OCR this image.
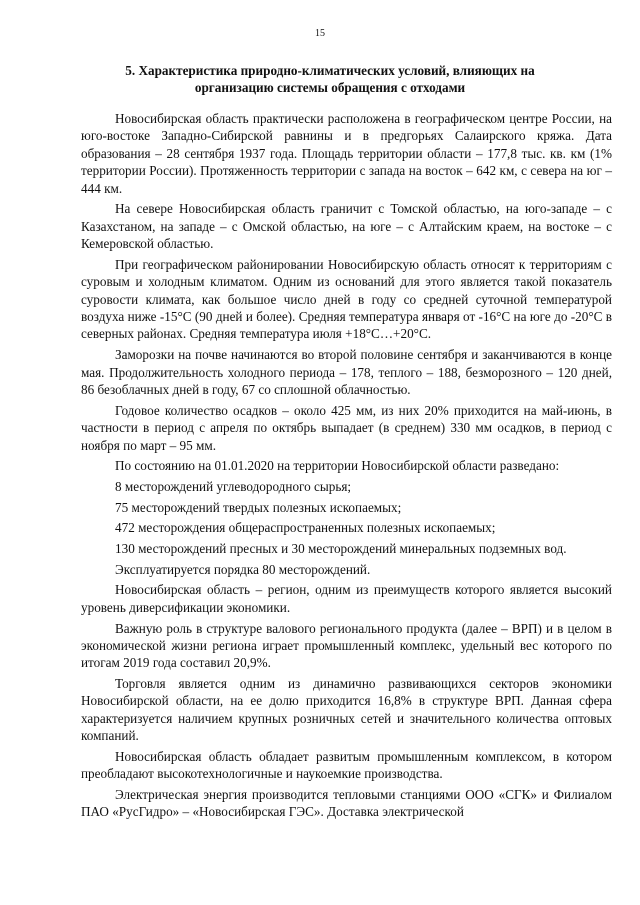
15
5. Характеристика природно-климатических условий, влияющих на
организацию системы обращения с отходами

Новосибирская область практически расположена в географическом центре России, на юго-востоке Западно-Сибирской равнины и в предгорьях Салаирского кряжа. Дата образования – 28 сентября 1937 года. Площадь территории области – 177,8 тыс. кв. км (1% территории России). Протяженность территории с запада на восток – 642 км, с севера на юг – 444 км.

На севере Новосибирская область граничит с Томской областью, на юго-западе – с Казахстаном, на западе – с Омской областью, на юге – с Алтайским краем, на востоке – с Кемеровской областью.

При географическом районировании Новосибирскую область относят к территориям с суровым и холодным климатом. Одним из оснований для этого является такой показатель суровости климата, как большое число дней в году со средней суточной температурой воздуха ниже -15°С (90 дней и более). Средняя температура января от -16°С на юге до -20°С в северных районах. Средняя температура июля +18°С…+20°С.

Заморозки на почве начинаются во второй половине сентября и заканчиваются в конце мая. Продолжительность холодного периода – 178, теплого – 188, безморозного – 120 дней, 86 безоблачных дней в году, 67 со сплошной облачностью.

Годовое количество осадков – около 425 мм, из них 20% приходится на май-июнь, в частности в период с апреля по октябрь выпадает (в среднем) 330 мм осадков, в период с ноября по март – 95 мм.

По состоянию на 01.01.2020 на территории Новосибирской области разведано:

8 месторождений углеводородного сырья;

75 месторождений твердых полезных ископаемых;

472 месторождения общераспространенных полезных ископаемых;

130 месторождений пресных и 30 месторождений минеральных подземных вод.

Эксплуатируется порядка 80 месторождений.

Новосибирская область – регион, одним из преимуществ которого является высокий уровень диверсификации экономики.

Важную роль в структуре валового регионального продукта (далее – ВРП) и в целом в экономической жизни региона играет промышленный комплекс, удельный вес которого по итогам 2019 года составил 20,9%.

Торговля является одним из динамично развивающихся секторов экономики Новосибирской области, на ее долю приходится 16,8% в структуре ВРП. Данная сфера характеризуется наличием крупных розничных сетей и значительного количества оптовых компаний.

Новосибирская область обладает развитым промышленным комплексом, в котором преобладают высокотехнологичные и наукоемкие производства.

Электрическая энергия производится тепловыми станциями ООО «СГК» и Филиалом ПАО «РусГидро» – «Новосибирская ГЭС». Доставка электрической
